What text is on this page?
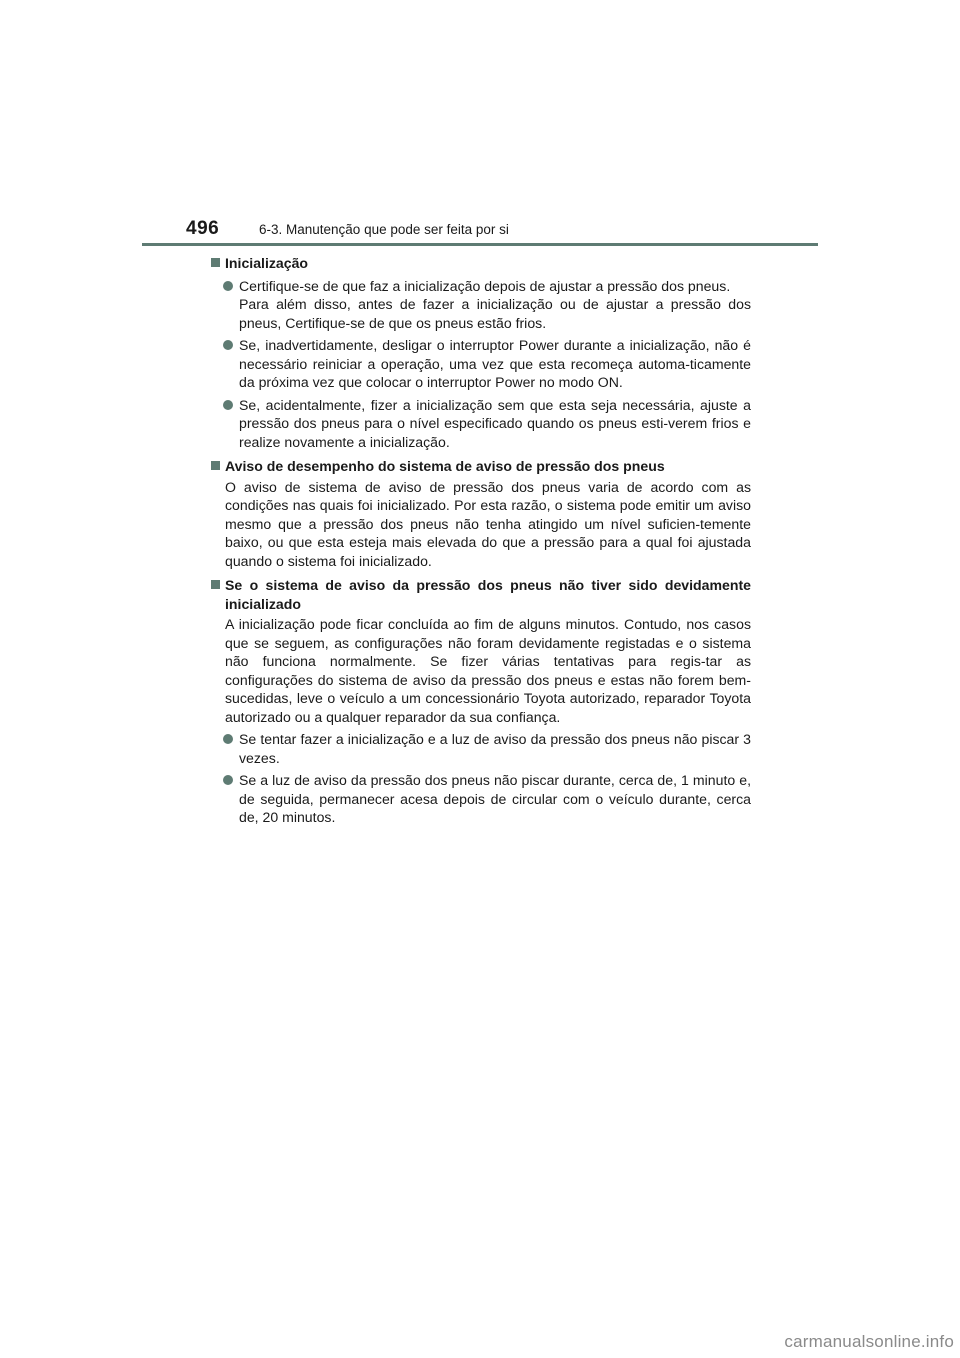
496	6-3. Manutenção que pode ser feita por si
Inicialização
Certifique-se de que faz a inicialização depois de ajustar a pressão dos pneus.
Para além disso, antes de fazer a inicialização ou de ajustar a pressão dos pneus, Certifique-se de que os pneus estão frios.
Se, inadvertidamente, desligar o interruptor Power durante a inicialização, não é necessário reiniciar a operação, uma vez que esta recomeça automa-ticamente da próxima vez que colocar o interruptor Power no modo ON.
Se, acidentalmente, fizer a inicialização sem que esta seja necessária, ajuste a pressão dos pneus para o nível especificado quando os pneus esti-verem frios e realize novamente a inicialização.
Aviso de desempenho do sistema de aviso de pressão dos pneus
O aviso de sistema de aviso de pressão dos pneus varia de acordo com as condições nas quais foi inicializado. Por esta razão, o sistema pode emitir um aviso mesmo que a pressão dos pneus não tenha atingido um nível suficien-temente baixo, ou que esta esteja mais elevada do que a pressão para a qual foi ajustada quando o sistema foi inicializado.
Se o sistema de aviso da pressão dos pneus não tiver sido devidamente inicializado
A inicialização pode ficar concluída ao fim de alguns minutos. Contudo, nos casos que se seguem, as configurações não foram devidamente registadas e o sistema não funciona normalmente. Se fizer várias tentativas para regis-tar as configurações do sistema de aviso da pressão dos pneus e estas não forem bem-sucedidas, leve o veículo a um concessionário Toyota autorizado, reparador Toyota autorizado ou a qualquer reparador da sua confiança.
Se tentar fazer a inicialização e a luz de aviso da pressão dos pneus não piscar 3 vezes.
Se a luz de aviso da pressão dos pneus não piscar durante, cerca de, 1 minuto e, de seguida, permanecer acesa depois de circular com o veículo durante, cerca de, 20 minutos.
carmanualsonline.info
